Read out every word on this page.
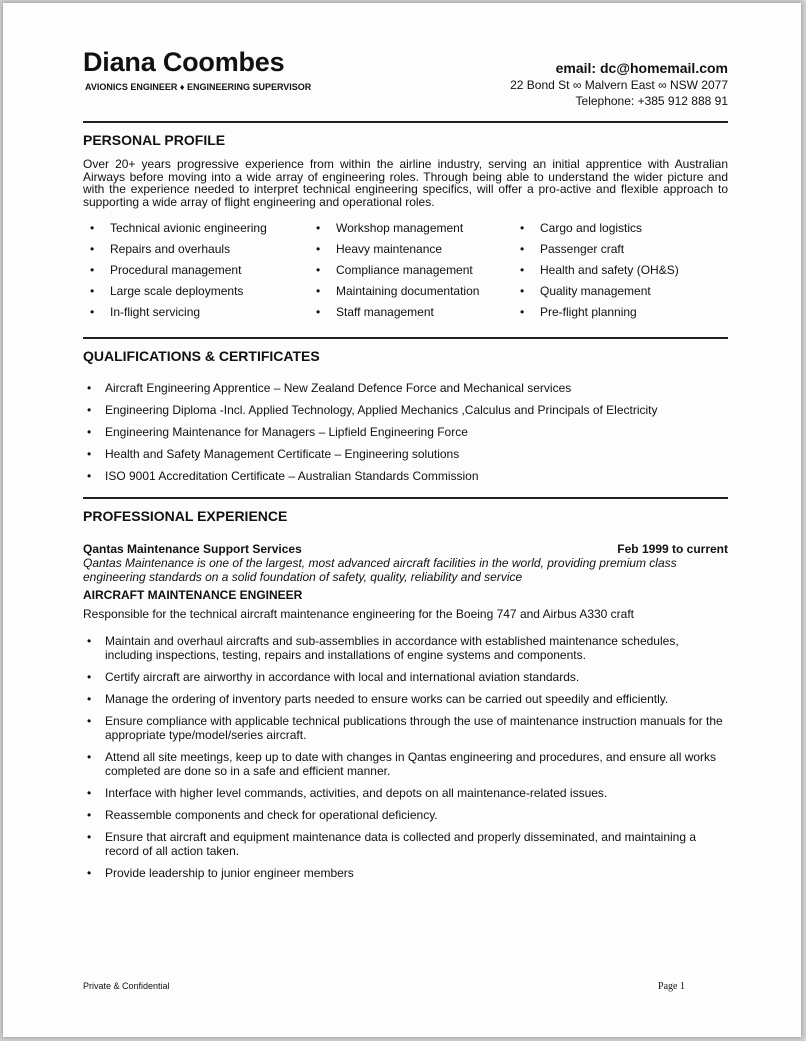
Diana Coombes
AVIONICS ENGINEER ♦ ENGINEERING SUPERVISOR
email: dc@homemail.com
22 Bond St ∞ Malvern East ∞ NSW 2077
Telephone: +385 912 888 91
PERSONAL PROFILE
Over 20+ years progressive experience from within the airline industry, serving an initial apprentice with Australian Airways before moving into a wide array of engineering roles. Through being able to understand the wider picture and with the experience needed to interpret technical engineering specifics, will offer a pro-active and flexible approach to supporting a wide array of flight engineering and operational roles.
• Technical avionic engineering
• Repairs and overhauls
• Procedural management
• Large scale deployments
• In-flight servicing
• Workshop management
• Heavy maintenance
• Compliance management
• Maintaining documentation
• Staff management
• Cargo and logistics
• Passenger craft
• Health and safety (OH&S)
• Quality management
• Pre-flight planning
QUALIFICATIONS & CERTIFICATES
• Aircraft Engineering Apprentice – New Zealand Defence Force and Mechanical services
• Engineering Diploma -Incl. Applied Technology, Applied Mechanics ,Calculus and Principals of Electricity
• Engineering Maintenance for Managers – Lipfield Engineering Force
• Health and Safety Management Certificate – Engineering solutions
• ISO 9001 Accreditation Certificate – Australian Standards Commission
PROFESSIONAL EXPERIENCE
Qantas Maintenance Support Services	Feb 1999 to current
Qantas Maintenance is one of the largest, most advanced aircraft facilities in the world, providing premium class engineering standards on a solid foundation of safety, quality, reliability and service
AIRCRAFT MAINTENANCE ENGINEER
Responsible for the technical aircraft maintenance engineering for the Boeing 747 and Airbus A330 craft
• Maintain and overhaul aircrafts and sub-assemblies in accordance with established maintenance schedules, including inspections, testing, repairs and installations of engine systems and components.
• Certify aircraft are airworthy in accordance with local and international aviation standards.
• Manage the ordering of inventory parts needed to ensure works can be carried out speedily and efficiently.
• Ensure compliance with applicable technical publications through the use of maintenance instruction manuals for the appropriate type/model/series aircraft.
• Attend all site meetings, keep up to date with changes in Qantas engineering and procedures, and ensure all works completed are done so in a safe and efficient manner.
• Interface with higher level commands, activities, and depots on all maintenance-related issues.
• Reassemble components and check for operational deficiency.
• Ensure that aircraft and equipment maintenance data is collected and properly disseminated, and maintaining a record of all action taken.
• Provide leadership to junior engineer members
Private & Confidential	Page 1
